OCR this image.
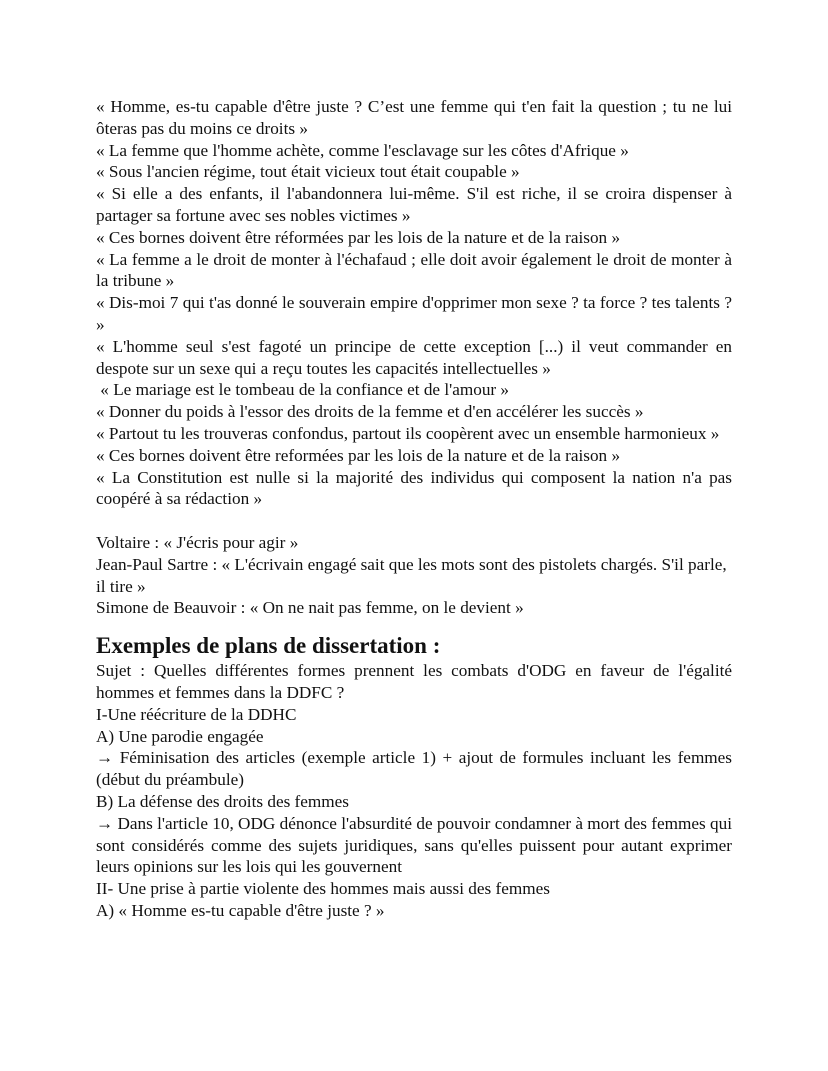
« Homme, es-tu capable d'être juste ? C’est une femme qui t'en fait la question ; tu ne lui ôteras pas du moins ce droits »

« La femme que l'homme achète, comme l'esclavage sur les côtes d'Afrique »

« Sous l'ancien régime, tout était vicieux tout était coupable »

« Si elle a des enfants, il l'abandonnera lui-même. S'il est riche, il se croira dispenser à partager sa fortune avec ses nobles victimes »

« Ces bornes doivent être réformées par les lois de la nature et de la raison »

« La femme a le droit de monter à l'échafaud ; elle doit avoir également le droit de monter à la tribune »

« Dis-moi 7 qui t'as donné le souverain empire d'opprimer mon sexe ? ta force ? tes talents ? »

« L'homme seul s'est fagoté un principe de cette exception [...) il veut commander en despote sur un sexe qui a reçu toutes les capacités intellectuelles »

« Le mariage est le tombeau de la confiance et de l'amour »

« Donner du poids à l'essor des droits de la femme et d'en accélérer les succès »

« Partout tu les trouveras confondus, partout ils coopèrent avec un ensemble harmonieux »

« Ces bornes doivent être reformées par les lois de la nature et de la raison »

« La Constitution est nulle si la majorité des individus qui composent la nation n'a pas coopéré à sa rédaction »

Voltaire : « J'écris pour agir »

Jean-Paul Sartre : « L'écrivain engagé sait que les mots sont des pistolets chargés. S'il parle, il tire »

Simone de Beauvoir : « On ne nait pas femme, on le devient »

Exemples de plans de dissertation :

Sujet : Quelles différentes formes prennent les combats d'ODG en faveur de l'égalité hommes et femmes dans la DDFC ?

I-Une réécriture de la DDHC

A) Une parodie engagée

→ Féminisation des articles (exemple article 1) + ajout de formules incluant les femmes (début du préambule)

B) La défense des droits des femmes

→ Dans l'article 10, ODG dénonce l'absurdité de pouvoir condamner à mort des femmes qui sont considérés comme des sujets juridiques, sans qu'elles puissent pour autant exprimer leurs opinions sur les lois qui les gouvernent

II- Une prise à partie violente des hommes mais aussi des femmes

A) « Homme es-tu capable d'être juste ? »
